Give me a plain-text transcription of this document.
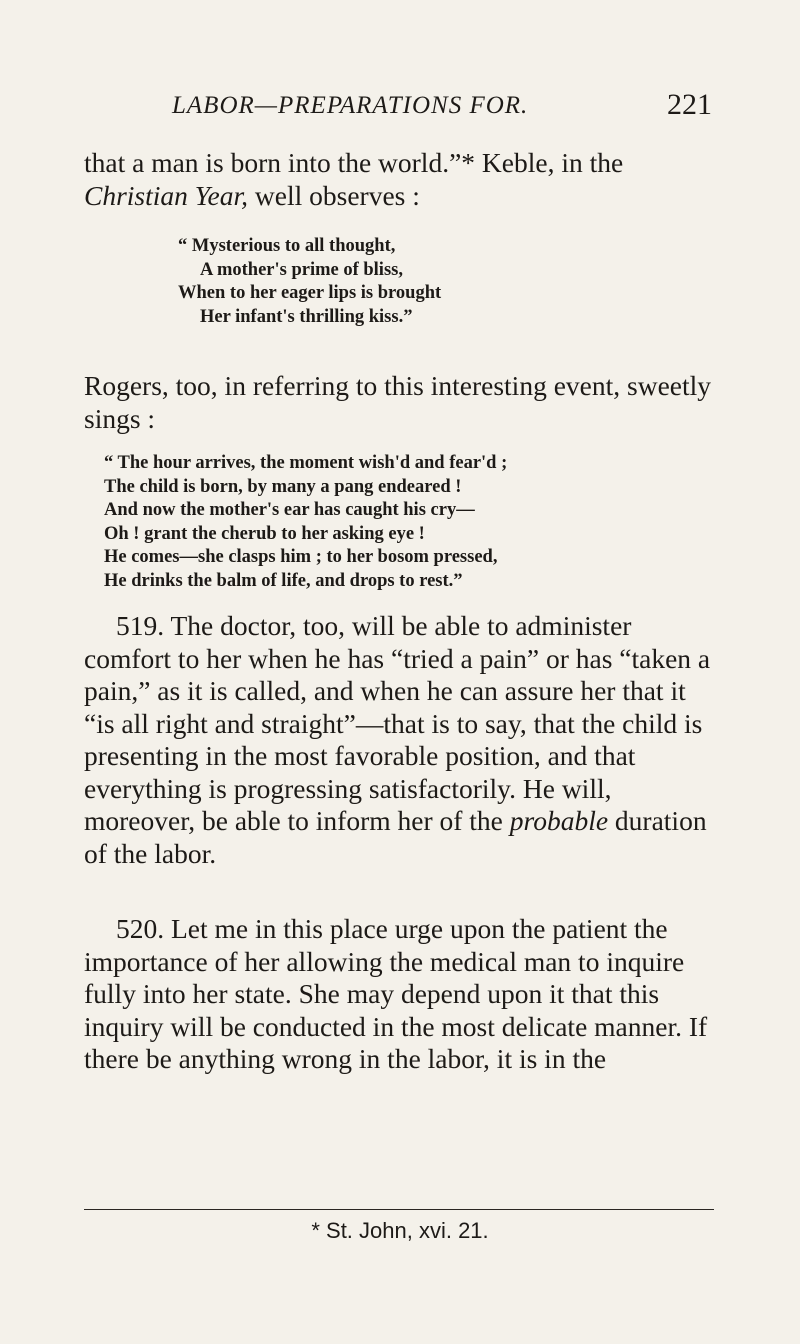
LABOR—PREPARATIONS FOR.	221

that a man is born into the world.”* Keble, in the
Christian Year, well observes :

“ Mysterious to all thought,
A mother's prime of bliss,
When to her eager lips is brought
Her infant's thrilling kiss.”

Rogers, too, in referring to this interesting event, sweetly sings :

“ The hour arrives, the moment wish'd and fear'd ;
The child is born, by many a pang endeared !
And now the mother's ear has caught his cry—
Oh ! grant the cherub to her asking eye !
He comes—she clasps him ; to her bosom pressed,
He drinks the balm of life, and drops to rest.”

519. The doctor, too, will be able to administer comfort to her when he has “tried a pain” or has “taken a pain,” as it is called, and when he can assure her that it “is all right and straight”—that is to say, that the child is presenting in the most favorable position, and that everything is progressing satisfactorily. He will, moreover, be able to inform her of the probable duration of the labor.

520. Let me in this place urge upon the patient the importance of her allowing the medical man to inquire fully into her state. She may depend upon it that this inquiry will be conducted in the most delicate manner. If there be anything wrong in the labor, it is in the

* St. John, xvi. 21.
